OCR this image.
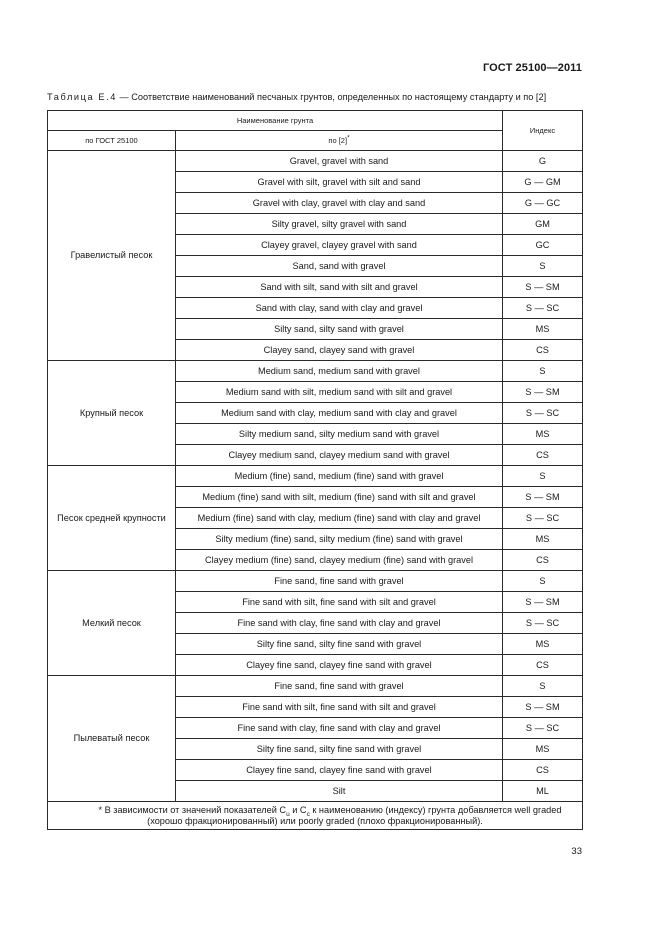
ГОСТ 25100—2011
Таблица Е.4 — Соответствие наименований песчаных грунтов, определенных по настоящему стандарту и по [2]
Наименование грунта		Индекс
по ГОСТ 25100	по [2]*
Гравелистый песок	Gravel, gravel with sand	G
	Gravel with silt, gravel with silt and sand	G — GM
	Gravel with clay, gravel with clay and sand	G — GC
	Silty gravel, silty gravel with sand	GM
	Clayey gravel, clayey gravel with sand	GC
	Sand, sand with gravel	S
	Sand with silt, sand with silt and gravel	S — SM
	Sand with clay, sand with clay and gravel	S — SC
	Silty sand, silty sand with gravel	MS
	Clayey sand, clayey sand with gravel	CS
Крупный песок	Medium sand, medium sand with gravel	S
	Medium sand with silt, medium sand with silt and gravel	S — SM
	Medium sand with clay, medium sand with clay and gravel	S — SC
	Silty medium sand, silty medium sand with gravel	MS
	Clayey medium sand, clayey medium sand with gravel	CS
Песок средней крупности	Medium (fine) sand, medium (fine) sand with gravel	S
	Medium (fine) sand with silt, medium (fine) sand with silt and gravel	S — SM
	Medium (fine) sand with clay, medium (fine) sand with clay and gravel	S — SC
	Silty medium (fine) sand, silty medium (fine) sand with gravel	MS
	Clayey medium (fine) sand, clayey medium (fine) sand with gravel	CS
Мелкий песок	Fine sand, fine sand with gravel	S
	Fine sand with silt, fine sand with silt and gravel	S — SM
	Fine sand with clay, fine sand with clay and gravel	S — SC
	Silty fine sand, silty fine sand with gravel	MS
	Clayey fine sand, clayey fine sand with gravel	CS
Пылеватый песок	Fine sand, fine sand with gravel	S
	Fine sand with silt, fine sand with silt and gravel	S — SM
	Fine sand with clay, fine sand with clay and gravel	S — SC
	Silty fine sand, silty fine sand with gravel	MS
	Clayey fine sand, clayey fine sand with gravel	CS
	Silt	ML
* В зависимости от значений показателей $C_u$ и $C_c$ к наименованию (индексу) грунта добавляется well graded (хорошо фракционированный) или poorly graded (плохо фракционированный).		
33
